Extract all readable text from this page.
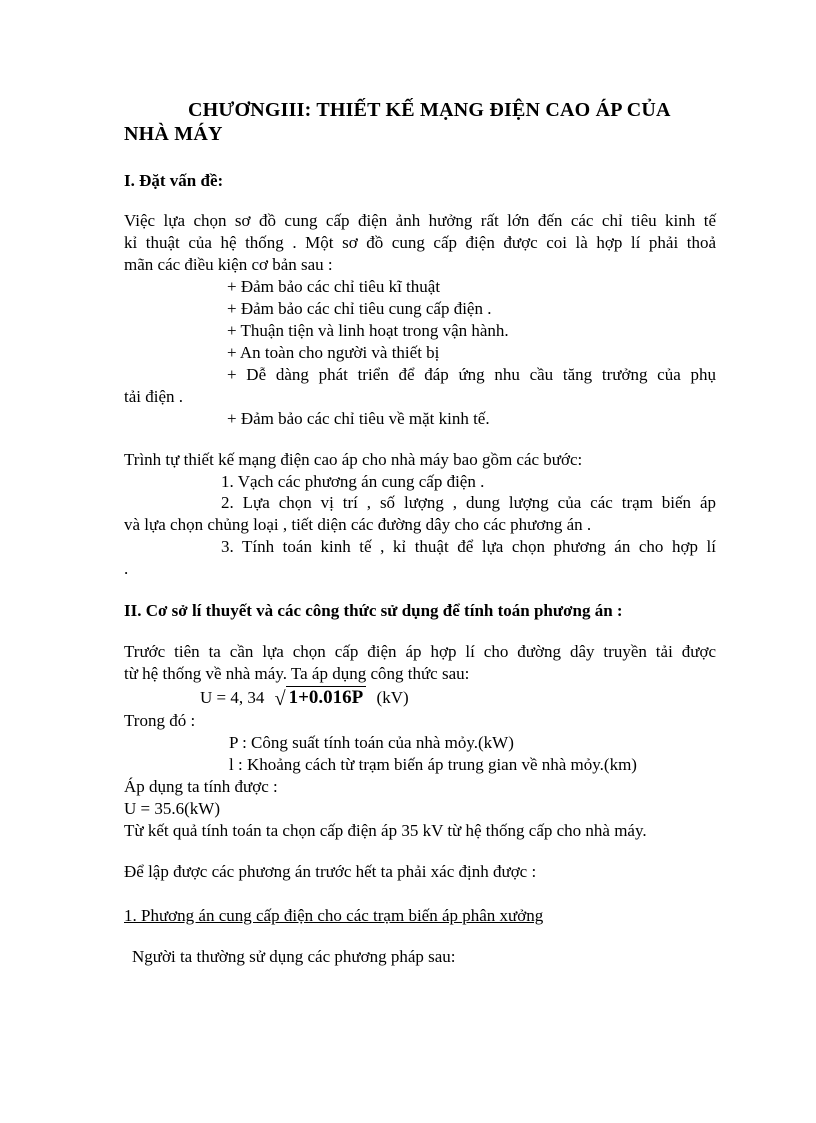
CHƯƠNGIII: THIẾT KẾ MẠNG ĐIỆN CAO ÁP CỦA
NHÀ MÁY
I. Đặt vấn đề:
Việc lựa chọn sơ đồ cung cấp điện ảnh hưởng rất lớn đến các chỉ tiêu kinh tế
kỉ thuật của hệ thống . Một sơ đồ cung cấp điện được coi là hợp lí phải thoả
mãn các điều kiện cơ bản sau :
+ Đảm bảo các chỉ tiêu kĩ thuật
+ Đảm bảo các chỉ tiêu cung cấp điện .
+ Thuận tiện và linh hoạt trong vận hành.
+ An toàn cho người và thiết bị
+ Dễ dàng phát triển để đáp ứng nhu cầu tăng trưởng của phụ
tải điện .
+ Đảm bảo các chỉ tiêu về mặt kinh tế.
Trình tự thiết kế mạng điện cao áp cho nhà máy bao gồm các bước:
1. Vạch các phương án cung cấp điện .
2. Lựa chọn vị trí , số lượng , dung lượng của các trạm biến áp
và lựa chọn chủng loại , tiết diện các đường dây cho các phương án .
3. Tính toán kinh tế , kỉ thuật để lựa chọn phương án cho hợp lí
.
II. Cơ sở lí thuyết và các công thức sử dụng để tính toán phương án :
Trước tiên ta cần lựa chọn cấp điện áp hợp lí cho đường dây truyền tải được
từ hệ thống về nhà máy. Ta áp dụng công thức sau:
U = 4, 34 √ 1+0.016P (kV)
Trong đó :
P : Công suất tính toán của nhà mỏy.(kW)
l : Khoảng cách từ trạm biến áp trung gian về nhà mỏy.(km)
Áp dụng ta tính được :
U = 35.6(kW)
Từ kết quả tính toán ta chọn cấp điện áp 35 kV từ hệ thống cấp cho nhà máy.
Để lập được các phương án trước hết ta phải xác định được :
1. Phương án cung cấp điện cho các trạm biến áp phân xưởng
Người ta thường sử dụng các phương pháp sau:
